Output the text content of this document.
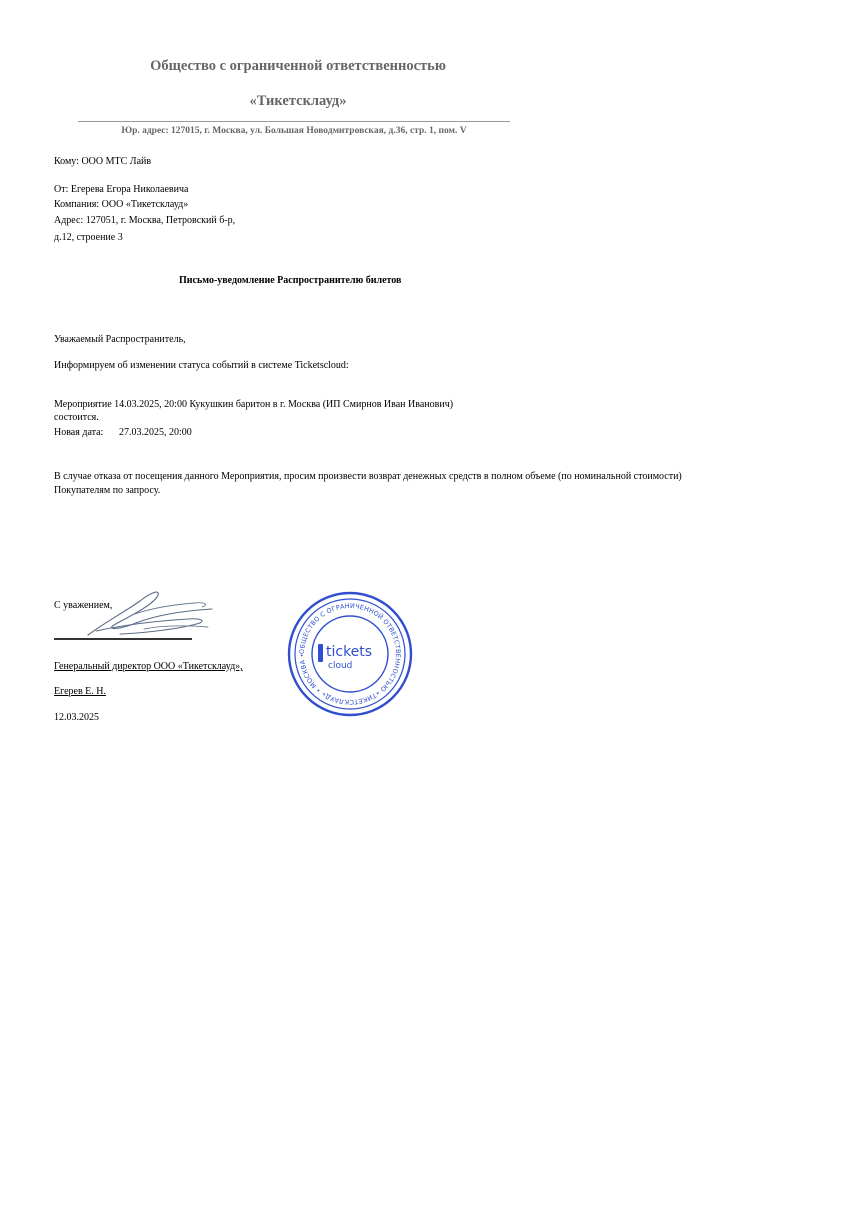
Общество с ограниченной ответственностью
«Тикетсклауд»
Юр. адрес: 127015, г. Москва, ул. Большая Новодмитровская, д.36, стр. 1, пом. V
Кому: ООО МТС Лайв
От: Егерева Егора Николаевича
Компания: ООО «Тикетсклауд»
Адрес: 127051, г. Москва, Петровский б-р,
д.12, строение 3
Письмо-уведомление Распространителю билетов
Уважаемый Распространитель,
Информируем об изменении статуса событий в системе Ticketscloud:
Мероприятие 14.03.2025, 20:00 Кукушкин баритон в г. Москва (ИП Смирнов Иван Иванович)
состоится.
Новая дата: 27.03.2025, 20:00
В случае отказа от посещения данного Мероприятия, просим произвести возврат денежных средств в полном объеме (по номинальной стоимости)
Покупателям по запросу.
С уважением,
Генеральный директор ООО «Тикетсклауд»,
Егерев Е. Н.
12.03.2025
ОБЩЕСТВО С ОГРАНИЧЕННОЙ ОТВЕТСТВЕННОСТЬЮ «ТИКЕТСКЛАУД» • МОСКВА •	tickets
cloud
